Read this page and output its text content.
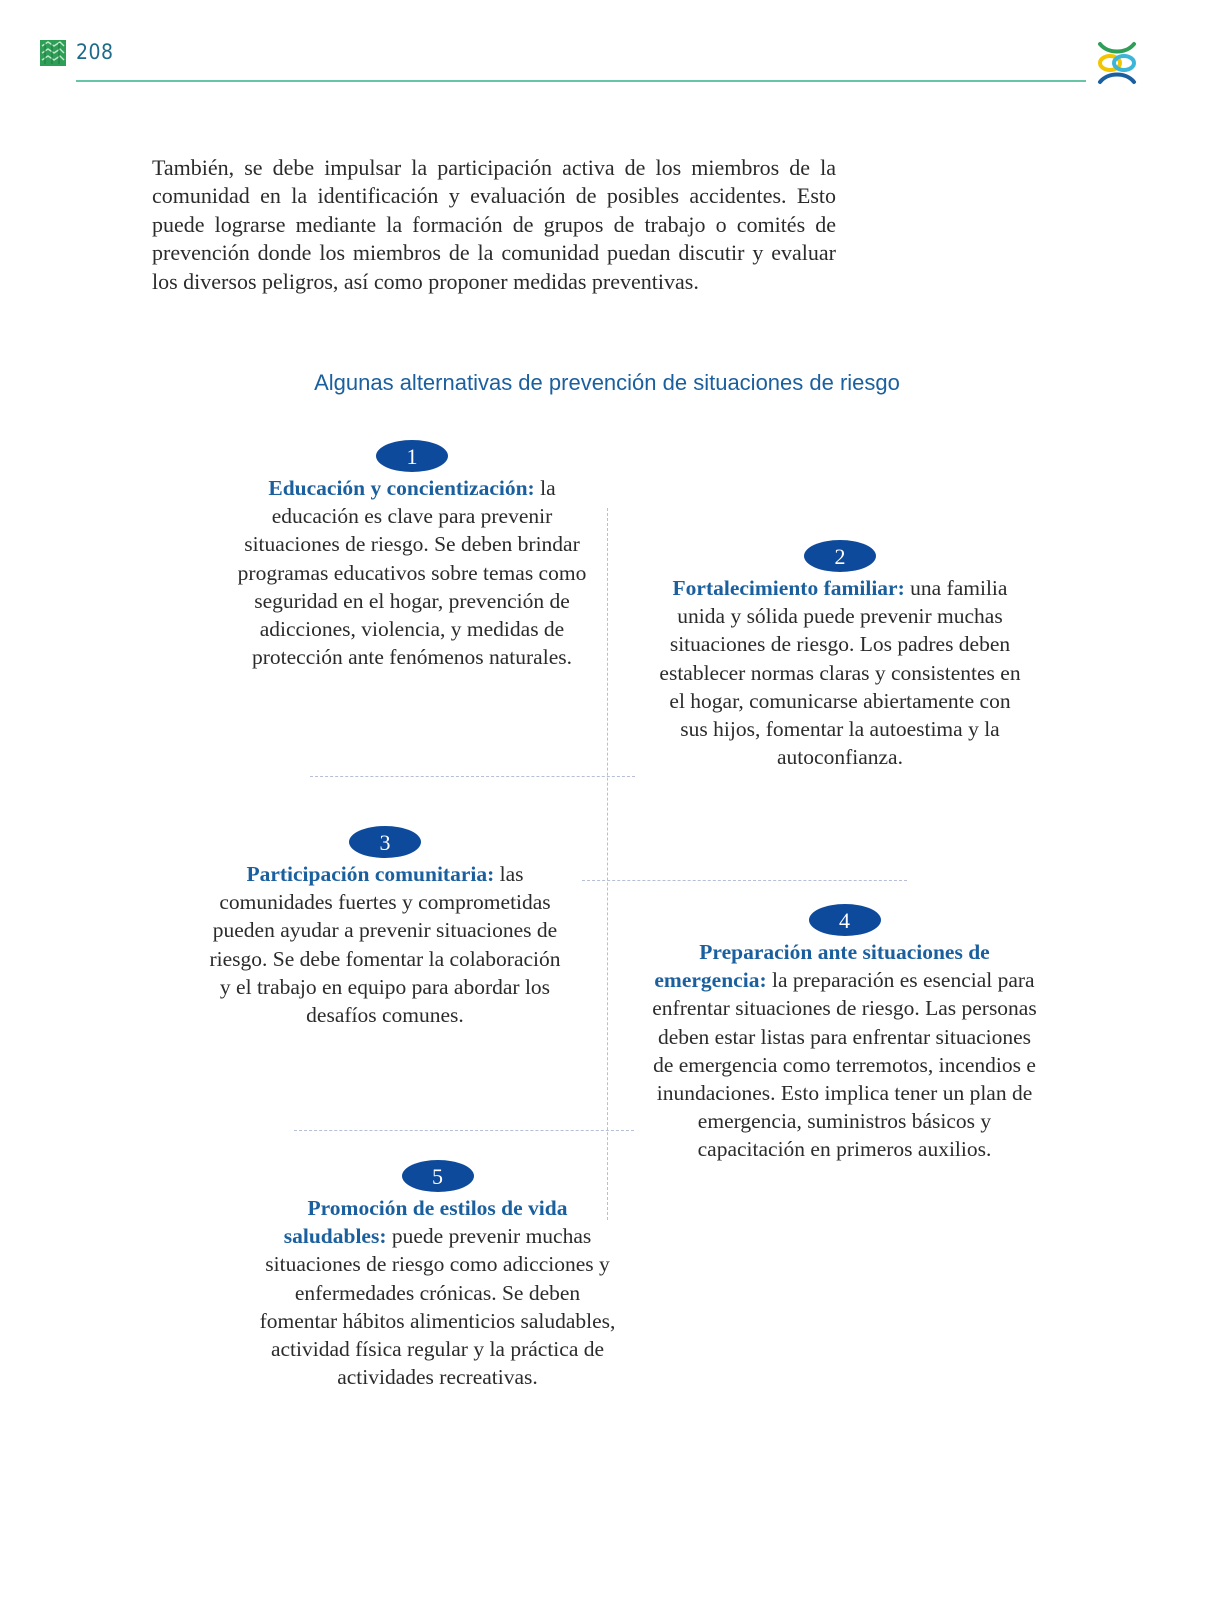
208

También, se debe impulsar la participación activa de los miembros de la comunidad en la identificación y evaluación de posibles accidentes. Esto puede lograrse mediante la formación de grupos de trabajo o comités de prevención donde los miembros de la comunidad puedan discutir y evaluar los diversos peligros, así como proponer medidas preventivas.

Algunas alternativas de prevención de situaciones de riesgo
1
Educación y concientización: la educación es clave para prevenir situaciones de riesgo. Se deben brindar programas educativos sobre temas como seguridad en el hogar, prevención de adicciones, violencia, y medidas de protección ante fenómenos naturales.
2
Fortalecimiento familiar: una familia unida y sólida puede prevenir muchas situaciones de riesgo. Los padres deben establecer normas claras y consistentes en el hogar, comunicarse abiertamente con sus hijos, fomentar la autoestima y la autoconfianza.
3
Participación comunitaria: las comunidades fuertes y comprometidas pueden ayudar a prevenir situaciones de riesgo. Se debe fomentar la colaboración y el trabajo en equipo para abordar los desafíos comunes.
4
Preparación ante situaciones de emergencia: la preparación es esencial para enfrentar situaciones de riesgo. Las personas deben estar listas para enfrentar situaciones de emergencia como terremotos, incendios e inundaciones. Esto implica tener un plan de emergencia, suministros básicos y capacitación en primeros auxilios.
5
Promoción de estilos de vida saludables: puede prevenir muchas situaciones de riesgo como adicciones y enfermedades crónicas. Se deben fomentar hábitos alimenticios saludables, actividad física regular y la práctica de actividades recreativas.
